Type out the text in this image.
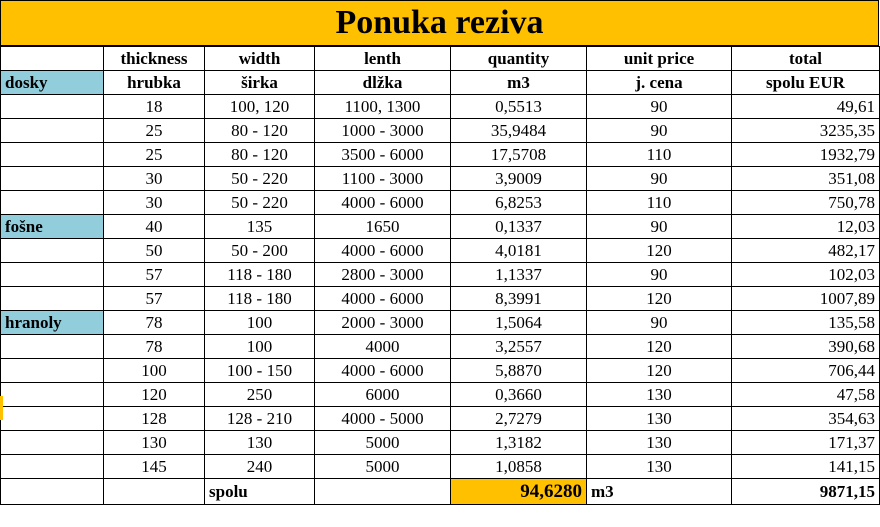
Ponuka reziva
	thickness	width	lenth	quantity	unit price	total
dosky	hrubka	širka	dlžka	m3	j. cena	spolu EUR
	18	100, 120	1100, 1300	0,5513	90	49,61
	25	80 - 120	1000 - 3000	35,9484	90	3235,35
	25	80 - 120	3500 - 6000	17,5708	110	1932,79
	30	50 - 220	1100 - 3000	3,9009	90	351,08
	30	50 - 220	4000 - 6000	6,8253	110	750,78
fošne	40	135	1650	0,1337	90	12,03
	50	50 - 200	4000 - 6000	4,0181	120	482,17
	57	118 - 180	2800 - 3000	1,1337	90	102,03
	57	118 - 180	4000 - 6000	8,3991	120	1007,89
hranoly	78	100	2000 - 3000	1,5064	90	135,58
	78	100	4000	3,2557	120	390,68
	100	100 - 150	4000 - 6000	5,8870	120	706,44
	120	250	6000	0,3660	130	47,58
	128	128 - 210	4000 - 5000	2,7279	130	354,63
	130	130	5000	1,3182	130	171,37
	145	240	5000	1,0858	130	141,15
		spolu		94,6280	m3	9871,15
